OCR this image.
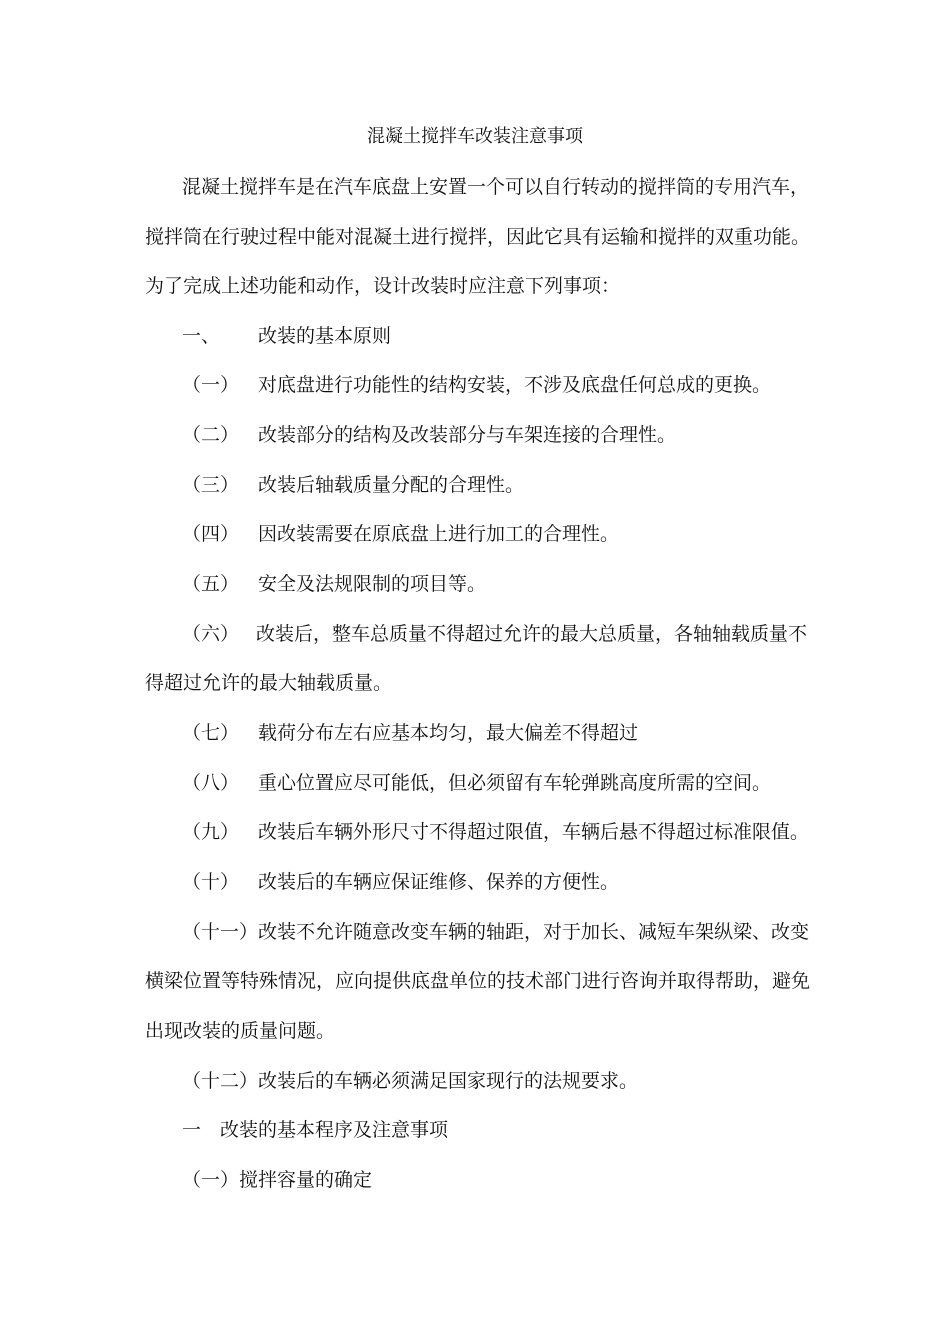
混凝土搅拌车改装注意事项
混凝土搅拌车是在汽车底盘上安置一个可以自行转动的搅拌筒的专用汽车，
搅拌筒在行驶过程中能对混凝土进行搅拌，因此它具有运输和搅拌的双重功能。
为了完成上述功能和动作，设计改装时应注意下列事项：
一、 改装的基本原则
（一） 对底盘进行功能性的结构安装，不涉及底盘任何总成的更换。
（二） 改装部分的结构及改装部分与车架连接的合理性。
（三） 改装后轴载质量分配的合理性。
（四） 因改装需要在原底盘上进行加工的合理性。
（五） 安全及法规限制的项目等。
（六） 改装后，整车总质量不得超过允许的最大总质量，各轴轴载质量不
得超过允许的最大轴载质量。
（七） 载荷分布左右应基本均匀，最大偏差不得超过
（八） 重心位置应尽可能低，但必须留有车轮弹跳高度所需的空间。
（九） 改装后车辆外形尺寸不得超过限值，车辆后悬不得超过标准限值。
（十） 改装后的车辆应保证维修、保养的方便性。
（十一）改装不允许随意改变车辆的轴距，对于加长、减短车架纵梁、改变
横梁位置等特殊情况，应向提供底盘单位的技术部门进行咨询并取得帮助，避免
出现改装的质量问题。
（十二）改装后的车辆必须满足国家现行的法规要求。
一 改装的基本程序及注意事项
（一）搅拌容量的确定
